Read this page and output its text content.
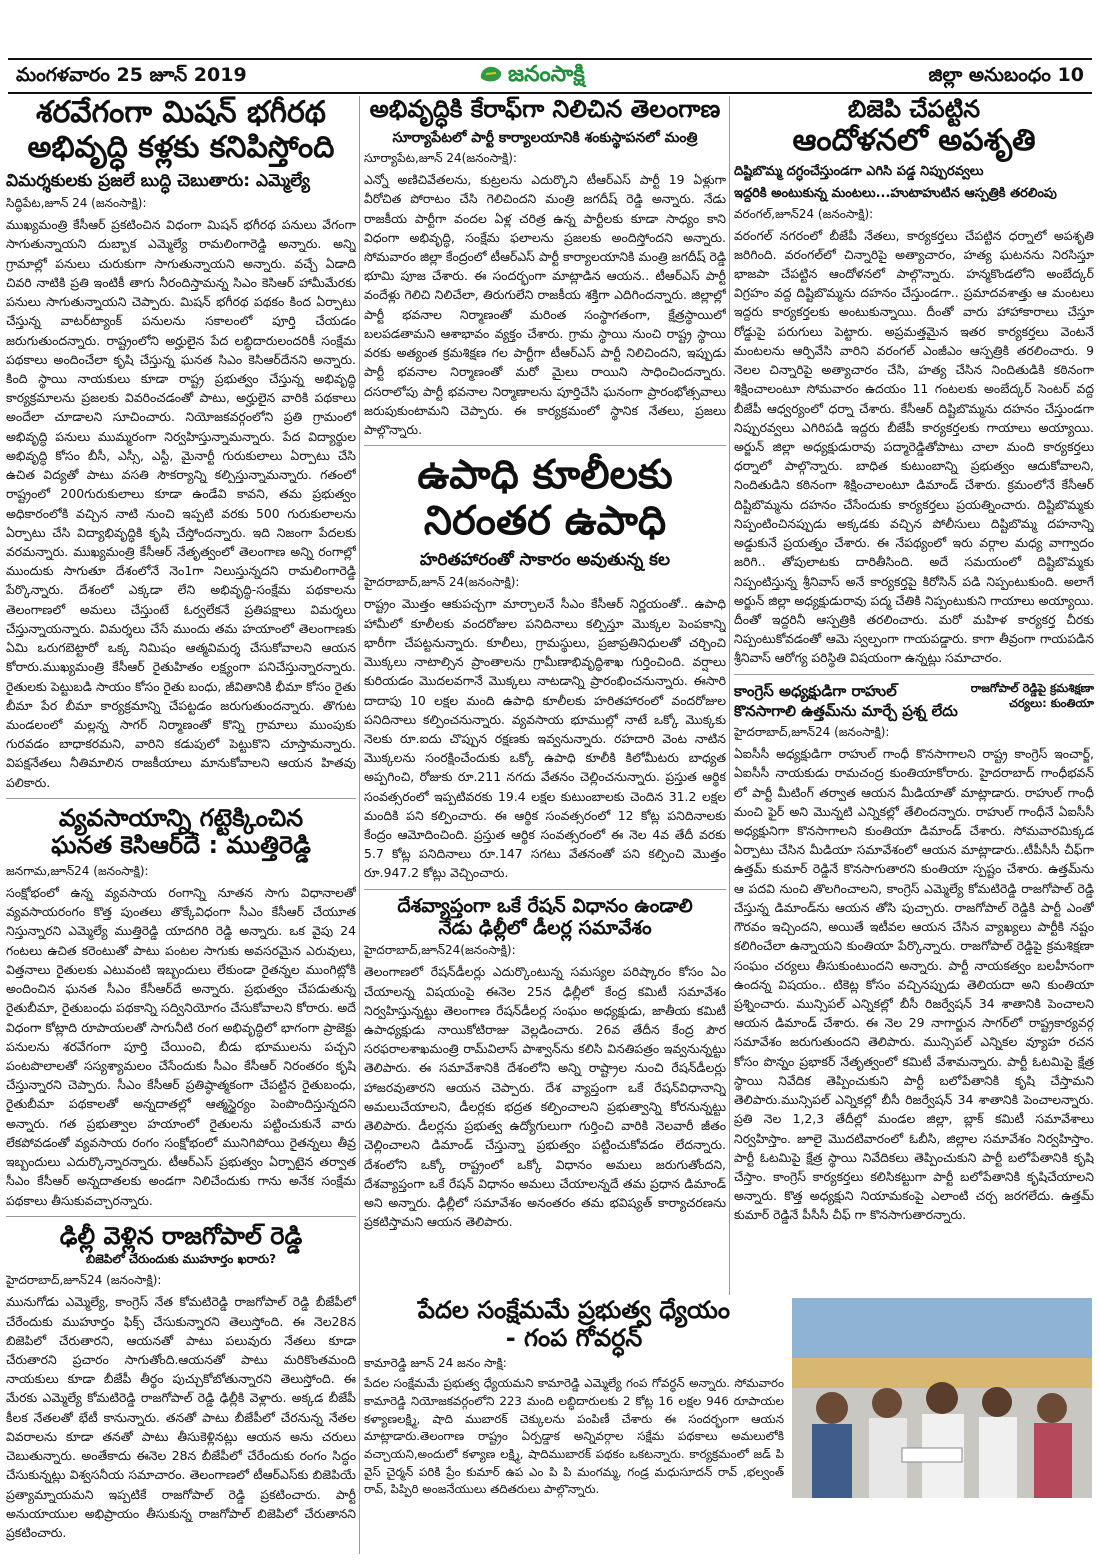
మంగళవారం 25 జూన్ 2019	జనంసాక్షి	జిల్లా అనుబంధం 10

శరవేగంగా మిషన్ భగీరథ

అభివృద్ధి కళ్లకు కనిపిస్తోంది

విమర్శకులకు ప్రజలే బుద్ధి చెబుతారు: ఎమ్మెల్యే

సిద్ధిపేట,జూన్ 24 (జనంసాక్షి):

ముఖ్యమంత్రి కేసీఆర్ ప్రకటించిన విధంగా మిషన్ భగీరథ పనులు వేగంగా సాగుతున్నాయని దుబ్బాక ఎమ్మెల్యే రామలింగారెడ్డి అన్నారు. అన్ని గ్రామాల్లో పనులు చురుకుగా సాగుతున్నాయని అన్నారు. వచ్చే ఏడాది చివరి నాటికి ప్రతి ఇంటికీ తాగు నీరందిస్తామన్న సిఎం కెసిఆర్ హామీమేరకు పనులు సాగుతున్నాయని చెప్పారు. మిషన్ భగీరథ పథకం కింద ఏర్పాటు చేస్తున్న వాటర్‌ట్యాంక్ పనులను సకాలంలో పూర్తి చేయడం జరుగుతుందన్నారు. రాష్ట్రంలోని అర్హులైన పేద లబ్ధిదారులందరికీ సంక్షేమ పథకాలు అందించేలా కృషి చేస్తున్న ఘనత సిఎం కెసిఆర్‌దేనని అన్నారు. కింది స్థాయి నాయకులు కూడా రాష్ట్ర ప్రభుత్వం చేస్తున్న అభివృద్ధి కార్యక్రమాలను ప్రజలకు వివరించడంతో పాటు, అర్హులైన వారికి పథకాలు అందేలా చూడాలని సూచించారు. నియోజకవర్గంలోని ప్రతి గ్రామంలో అభివృద్ధి పనులు ముమ్మరంగా నిర్వహిస్తున్నామన్నారు. పేద విద్యార్థుల అభివృద్ధి కోసం బీసీ, ఎస్సీ, ఎస్టీ, మైనార్టీ గురుకులాలు ఏర్పాటు చేసి ఉచిత విద్యతో పాటు వసతి సౌకర్యాన్ని కల్పిస్తున్నామన్నారు. గతంలో రాష్ట్రంలో 200గురుకులాలు కూడా ఉండేవి కావని, తమ ప్రభుత్వం అధికారంలోకి వచ్చిన నాటి నుంచి ఇప్పటి వరకు 500 గురుకులాలను ఏర్పాటు చేసి విద్యాభివృద్ధికి కృషి చేస్తోందన్నారు. ఇది నిజంగా పేదలకు వరమన్నారు. ముఖ్యమంత్రి కేసీఆర్ నేతృత్వంలో తెలంగాణ అన్ని రంగాల్లో ముందుకు సాగుతూ దేశంలోనే నెం1గా నిలుస్తున్నదని రామలింగారెడ్డి పేర్కొన్నారు. దేశంలో ఎక్కడా లేని అభివృద్ధి-సంక్షేమ పథకాలను తెలంగాణలో అమలు చేస్తుంటే ఓర్వలేకనే ప్రతిపక్షాలు విమర్శలు చేస్తున్నాయన్నారు. విమర్శలు చేసే ముందు తమ హయాంలో తెలంగాణకు ఏమి ఒరుగబెట్టారో ఒక్క నిమిషం ఆత్మవిమర్శ చేసుకోవాలని ఆయన కోరారు.ముఖ్యమంత్రి కేసీఆర్ రైతుహితం లక్ష్యంగా పనిచేస్తున్నారన్నారు. రైతులకు పెట్టుబడి సాయం కోసం రైతు బంధు, జీవితానికి భీమా కోసం రైతు బీమా పేర బీమా కార్యక్రమాన్ని చేపట్టడం జరుగుతుందన్నారు. తొగుట మండలంలో మల్లన్న సాగర్ నిర్మాణంతో కొన్ని గ్రామాలు ముంపుకు గురవడం బాధాకరమని, వారిని కడుపులో పెట్టుకొని చూస్తామన్నారు. విపక్షనేతలు నీతిమాలిన రాజకీయాలు మానుకోవాలని ఆయన హితవు పలికారు.

వ్యవసాయాన్ని గట్టెక్కించిన

ఘనత కెసిఆర్‌దే : ముత్తిరెడ్డి

జనగామ,జూన్24 (జనంసాక్షి):

సంక్షోభంలో ఉన్న వ్యవసాయ రంగాన్ని నూతన సాగు విధానాలతో వ్యవసాయరంగం కొత్త పుంతలు తొక్కేవిధంగా సీఎం కేసీఆర్ చేయూత నిస్తున్నారని ఎమ్మెల్యే ముత్తిరెడ్డి యాదగిరి రెడ్డి అన్నారు. ఒక వైపు 24 గంటలు ఉచిత కరెంటుతో పాటు పంటల సాగుకు అవసరమైన ఎరువులు, విత్తనాలు రైతులకు ఎటువంటి ఇబ్బందులు లేకుండా రైతన్నల ముంగిట్లోకి అందించిన ఘనత సీఎం కేసీఆర్‌దే అన్నారు. ప్రభుత్వం చేపడుతున్న రైతుబీమా, రైతుబంధు పథకాన్ని సద్వినియోగం చేసుకోవాలని కోరారు. అదే విధంగా కోట్లాది రూపాయలతో సాగునీటి రంగ అభివృద్ధిలో భాగంగా ప్రాజెక్టు పనులను శరవేగంగా పూర్తి చేయించి, బీడు భూములను పచ్చని పంటపొలాలతో సస్యశ్యామలం చేసేందుకు సీఎం కేసీఆర్ నిరంతరం కృషి చేస్తున్నారని చెప్పారు. సీఎం కేసీఆర్ ప్రతిష్ఠాత్మకంగా చేపట్టిన రైతుబంధు, రైతుబీమా పథకాలతో అన్నదాతల్లో ఆత్మస్థైర్యం పెంపొందిస్తున్నదని అన్నారు. గత ప్రభుత్వాల హయాంలో రైతులను పట్టించుకునే వారు లేకపోవడంతో వ్యవసాయ రంగం సంక్షోభంలో మునిగిపోయి రైతన్నలు తీవ్ర ఇబ్బందులు ఎదుర్కొన్నారన్నారు. టీఆర్ఎస్ ప్రభుత్వం ఏర్పాటైన తర్వాత సీఎం కేసీఆర్ అన్నదాతలకు అండగా నిలిచేందుకు గాను అనేక సంక్షేమ పథకాలు తీసుకువచ్చారన్నారు.

ఢిల్లీ వెళ్లిన రాజగోపాల్ రెడ్డి

బిజెపిలో చేరుందుకు ముహూర్తం ఖరారు?

హైదరాబాద్,జూన్24 (జనంసాక్షి):

మునుగోడు ఎమ్మెల్యే, కాంగ్రెస్ నేత కోమటిరెడ్డి రాజగోపాల్ రెడ్డి బీజేపీలో చేరేందుకు ముహూర్తం ఫిక్స్ చేసుకున్నారని తెలుస్తోంది. ఈ నెల28న బిజెపిలో చేరుతారని, ఆయనతో పాటు పలువురు నేతలు కూడా చేరుతారని ప్రచారం సాగుతోంది.ఆయనతో పాటు మరికొంతమంది నాయకులు కూడా బీజేపీ తీర్థం పుచ్చుకోబోతున్నారని తెలుస్తోంది. ఈ మేరకు ఎమ్మెల్యే కోమటిరెడ్డి రాజగోపాల్ రెడ్డి ఢిల్లీకి వెళ్లారు. అక్కడ బీజేపీ కీలక నేతలతో భేటీ కానున్నారు. తనతో పాటు బీజేపీలో చేరనున్న నేతల వివరాలను కూడా తనతో పాటు తీసుకెళ్లినట్లు ఆయన అను చరులు చెబుతున్నారు. అంతేకాదు ఈనెల 28న బీజేపీలో చేరేందుకు రంగం సిద్ధం చేసుకున్నట్లు విశ్వసనీయ సమాచారం. తెలంగాణలో టీఆర్ఎస్‌కు బిజెపియే ప్రత్యామ్నాయమని ఇప్పటికే రాజగోపాల్ రెడ్డి ప్రకటించారు. పార్టీ అనుయాయుల అభిప్రాయం తీసుకున్న రాజగోపాల్ బిజెపిలో చేరుతానని ప్రకటించారు.

అభివృద్ధికి కేరాఫ్‌గా నిలిచిన తెలంగాణ

సూర్యాపేటలో పార్టీ కార్యాలయానికి శంకుస్థాపనలో మంత్రి

సూర్యాపేట,జూన్ 24(జనంసాక్షి):

ఎన్నో అణిచివేతలను, కుట్రలను ఎదుర్కొని టీఆర్ఎస్ పార్టీ 19 ఏళ్లుగా వీరోచిత పోరాటం చేసి గెలిచిందని మంత్రి జగదీష్ రెడ్డి అన్నారు. నేడు రాజకీయ పార్టీగా వందల ఏళ్ల చరిత్ర ఉన్న పార్టీలకు కూడా సాధ్యం కాని విధంగా అభివృద్ధి, సంక్షేమ ఫలాలను ప్రజలకు అందిస్తోందని అన్నారు. సోమవారం జిల్లా కేంద్రంలో టీఆర్ఎస్ పార్టీ కార్యాలయానికి మంత్రి జగదీష్ రెడ్డి భూమి పూజ చేశారు. ఈ సందర్భంగా మాట్లాడిన ఆయన.. టీఆర్ఎస్ పార్టీ వందేళ్లు గెలిచి నిలిచేలా, తిరుగులేని రాజకీయ శక్తిగా ఎదిగిందన్నారు. జిల్లాల్లో పార్టీ భవనాల నిర్మాణంతో మరింత సంస్థాగతంగా, క్షేత్రస్థాయిలో బలపడతామని ఆశాభావం వ్యక్తం చేశారు. గ్రామ స్థాయి నుంచి రాష్ట్ర స్థాయి వరకు అత్యంత క్రమశిక్షణ గల పార్టీగా టీఆర్ఎస్ పార్టీ నిలిచిందని, ఇప్పుడు పార్టీ భవనాల నిర్మాణంతో మరో మైలు రాయిని సాధించిందన్నారు. దసరాలోపు పార్టీ భవనాల నిర్మాణాలను పూర్తిచేసి ఘనంగా ప్రారంభోత్సవాలు జరుపుకుంటామని చెప్పారు. ఈ కార్యక్రమంలో స్థానిక నేతలు, ప్రజలు పాల్గొన్నారు.

ఉపాధి కూలీలకు

నిరంతర ఉపాధి

హరితహారంతో సాకారం అవుతున్న కల

హైదరాబాద్,జూన్ 24(జనంసాక్షి):

రాష్ట్రం మొత్తం ఆకుపచ్చగా మార్చాలనే సీఎం కేసీఆర్ నిర్ణయంతో.. ఉపాధి హామీలో కూలీలకు వందరోజుల పనిదినాలు కల్పిస్తూ మొక్కల పెంపకాన్ని భారీగా చేపట్టనున్నారు. కూలీలు, గ్రామస్థులు, ప్రజాప్రతినిధులతో చర్చించి మొక్కలు నాటాల్సిన ప్రాంతాలను గ్రామీణాభివృద్ధిశాఖ గుర్తించింది. వర్షాలు కురియడం మొదలవగానే మొక్కలు నాటడాన్ని ప్రారంభించనున్నారు. ఈసారి దాదాపు 10 లక్షల మంది ఉపాధి కూలీలకు హరితహారంలో వందరోజుల పనిదినాలు కల్పించనున్నారు. వ్యవసాయ భూముల్లో నాటే ఒక్కో మొక్కకు నెలకు రూ.ఐదు చొప్పున రక్షణకు ఇవ్వనున్నారు. రహదారి వెంట నాటిన మొక్కలను సంరక్షించేందుకు ఒక్కో ఉపాధి కూలీకి కిలోమీటరు బాధ్యత అప్పగించి, రోజుకు రూ.211 నగదు వేతనం చెల్లించనున్నారు. ప్రస్తుత ఆర్థిక సంవత్సరంలో ఇప్పటివరకు 19.4 లక్షల కుటుంబాలకు చెందిన 31.2 లక్షల మందికి పని కల్పించారు. ఈ ఆర్థిక సంవత్సరంలో 12 కోట్ల పనిదినాలకు కేంద్రం ఆమోదించింది. ప్రస్తుత ఆర్థిక సంవత్సరంలో ఈ నెల 4వ తేదీ వరకు 5.7 కోట్ల పనిదినాలు రూ.147 సగటు వేతనంతో పని కల్పించి మొత్తం రూ.947.2 కోట్లు వెచ్చించారు.

దేశవ్యాప్తంగా ఒకే రేషన్ విధానం ఉండాలి

నేడు ఢిల్లీలో డీలర్ల సమావేశం

హైదరాబాద్,జూన్24(జనంసాక్షి):

తెలంగాణలో రేషన్‌డీలర్లు ఎదుర్కొంటున్న సమస్యల పరిష్కారం కోసం ఏం చేయాలన్న విషయంపై ఈనెల 25న ఢిల్లీలో కేంద్ర కమిటీ సమావేశం నిర్వహిస్తున్నట్టు తెలంగాణ రేషన్‌డీలర్ల సంఘం అధ్యక్షుడు, జాతీయ కమిటీ ఉపాధ్యక్షుడు నాయికోటిరాజు వెల్లడించారు. 26వ తేదీన కేంద్ర పౌర సరఫరాలశాఖమంత్రి రామ్‌విలాస్ పాశ్వాన్‌ను కలిసి వినతిపత్రం ఇవ్వనున్నట్టు తెలిపారు. ఈ సమావేశానికి దేశంలోని అన్ని రాష్ట్రాల నుంచి రేషన్‌డీలర్లు హాజరవుతారని ఆయన చెప్పారు. దేశ వ్యాప్తంగా ఒకే రేషన్‌విధానాన్ని అమలుచేయాలని, డీలర్లకు భద్రత కల్పించాలని ప్రభుత్వాన్ని కోరనున్నట్టు తెలిపారు. డీలర్లను ప్రభుత్వ ఉద్యోగులుగా గుర్తించి వారికి నెలవారీ జీతం చెల్లించాలని డిమాండ్ చేస్తున్నా ప్రభుత్వం పట్టించుకోవడం లేదన్నారు. దేశంలోని ఒక్కో రాష్ట్రంలో ఒక్కో విధానం అమలు జరుగుతోందని, దేశవ్యాప్తంగా ఒకే రేషన్ విధానం అమలు చేయాలన్నదే తమ ప్రధాన డిమాండ్ అని అన్నారు. ఢిల్లీలో సమావేశం అనంతరం తమ భవిష్యత్ కార్యాచరణను ప్రకటిస్తామని ఆయన తెలిపారు.

బిజెపి చేపట్టిన

ఆందోళనలో అపశృతి

దిష్టిబొమ్మ దగ్ధంచేస్తుండగా ఎగిసి పడ్డ నిప్పురవ్వలు

ఇద్దరికి అంటుకున్న మంటలు...హుటాహుటిన ఆస్పత్రికి తరలింపు

వరంగల్,జూన్24 (జనంసాక్షి):

వరంగల్ నగరంలో బీజేపీ నేతలు, కార్యకర్తలు చేపట్టిన ధర్నాలో అపశృతి జరిగింది. వరంగల్‌లో చిన్నారిపై అత్యాచారం, హత్య ఘటనను నిరసిస్తూ భాజపా చేపట్టిన ఆందోళనలో పాల్గొన్నారు. హన్మకొండలోని అంబేద్కర్ విగ్రహం వద్ద దిష్టిబొమ్మను దహనం చేస్తుండగా.. ప్రమాదవశాత్తు ఆ మంటలు ఇద్దరు కార్యకర్తలకు అంటుకున్నాయి. దీంతో వారు హాహాకారాలు చేస్తూ రోడ్డుపై పరుగులు పెట్టారు. అప్రమత్తమైన ఇతర కార్యకర్తలు వెంటనే మంటలను ఆర్పివేసి వారిని వరంగల్ ఎంజీఎం ఆస్పత్రికి తరలించారు. 9 నెలల చిన్నారిపై అత్యాచారం చేసి, హత్య చేసిన నిందితుడికి కఠినంగా శిక్షించాలంటూ సోమవారం ఉదయం 11 గంటలకు అంబేద్కర్ సెంటర్ వద్ద బీజేపీ ఆధ్వర్యంలో ధర్నా చేశారు. కేసీఆర్ దిష్టిబొమ్మను దహనం చేస్తుండగా నిప్పురవ్వలు ఎగిరిపడి ఇద్దరు బీజేపీ కార్యకర్తలకు గాయాలు అయ్యాయి. అర్జున్ జిల్లా అధ్యక్షుడురావు పద్మారెడ్డితోపాటు చాలా మంది కార్యకర్తలు ధర్నాలో పాల్గొన్నారు. బాధిత కుటుంబాన్ని ప్రభుత్వం ఆదుకోవాలని, నిందితుడిని కఠినంగా శిక్షించాలంటూ డిమాండ్ చేశారు. క్రమంలోనే కేసీఆర్ దిష్టిబొమ్మను దహనం చేసేందుకు కార్యకర్తలు ప్రయత్నించారు. దిష్టిబొమ్మకు నిప్పంటించినప్పుడు అక్కడకు వచ్చిన పోలీసులు దిష్టిబొమ్మ దహనాన్ని అడ్డుకునే ప్రయత్నం చేశారు. ఈ నేపథ్యంలో ఇరు వర్గాల మధ్య వాగ్వాదం జరిగి.. తోపులాటకు దారితీసింది. అదే సమయంలో దిష్టిబొమ్మకు నిప్పంటిస్తున్న శ్రీనివాస్ అనే కార్యకర్తపై కిరోసిన్ పడి నిప్పంటుకుంది. అలాగే అర్జున్ జిల్లా అధ్యక్షుడురావు పద్మ చేతికి నిప్పంటుకుని గాయాలు అయ్యాయి. దీంతో ఇద్దరినీ ఆస్పత్రికి తరలించారు. మరో మహిళ కార్యకర్త చీరకు నిప్పంటుకోవడంతో ఆమె స్వల్పంగా గాయపడ్డారు. కాగా తీవ్రంగా గాయపడిన శ్రీనివాస్ ఆరోగ్య పరిస్థితి విషయంగా ఉన్నట్లు సమాచారం.

కాంగ్రెస్ అధ్యక్షుడిగా రాహుల్ కొనసాగాలి ఉత్తమ్‌ను మార్చే ప్రశ్న లేదు
రాజగోపాల్ రెడ్డిపై క్రమశిక్షణా చర్యలు: కుంతియా

హైదరాబాద్,జూన్24 (జనంసాక్షి):

ఏఐసీసీ అధ్యక్షుడిగా రాహుల్ గాంధీ కొనసాగాలని రాష్ట్ర కాంగ్రెస్ ఇంచార్జ్, ఏఐసీసీ నాయకుడు రామచంద్ర కుంతియాకోరారు. హైదరాబాద్ గాంధీభవన్ లో పార్టీ మీటింగ్ తర్వాత ఆయన మీడియాతో మాట్లాడారు. రాహుల్ గాంధీ మంచి ఫైర్ అని మొన్నటి ఎన్నికల్లో తేలిందన్నారు. రాహుల్ గాంధీనే ఏఐసీసీ అధ్యక్షునిగా కొనసాగాలని కుంతియా డిమాండ్ చేశారు. సోమవారమిక్కడ ఏర్పాటు చేసిన మీడియా సమావేశంలో ఆయన మాట్లాడారు..టీపీసీసీ చీఫ్‌గా ఉత్తమ్ కుమార్ రెడ్డినే కొనసాగుతారని కుంతియా స్పష్టం చేశారు. ఉత్తమ్‌ను ఆ పదవి నుంచి తొలగించాలని, కాంగ్రెస్ ఎమ్మెల్యే కోమటిరెడ్డి రాజగోపాల్ రెడ్డి చేస్తున్న డిమాండ్‌ను ఆయన తోసి పుచ్చారు. రాజగోపాల్ రెడ్డికి పార్టీ ఎంతో గౌరవం ఇచ్చిందని, అయితే ఇటీవల ఆయన చేసిన వ్యాఖ్యలు పార్టీకి నష్టం కలిగించేలా ఉన్నాయని కుంతియా పేర్కొన్నారు. రాజగోపాల్ రెడ్డిపై క్రమశిక్షణా సంఘం చర్యలు తీసుకుంటుందని అన్నారు. పార్టీ నాయకత్వం బలహీనంగా ఉందన్న విషయం.. టికెట్ల కోసం వచ్చినప్పుడు తెలియదా అని కుంతియా ప్రశ్నించారు. మున్సిపల్ ఎన్నికల్లో బీసీ రిజర్వేషన్ 34 శాతానికి పెంచాలని ఆయన డిమాండ్ చేశారు. ఈ నెల 29 నాగార్జున సాగర్‌లో రాష్ట్రకార్యవర్గ సమావేశం జరుగుతుందని తెలిపారు. మున్సిపల్ ఎన్నికల వ్యూహ రచన కోసం పొన్నం ప్రభాకర్ నేతృత్వంలో కమిటీ వేశామన్నారు. పార్టీ ఓటమిపై క్షేత్ర స్థాయి నివేదిక తెప్పించుకుని పార్టీ బలోపేతానికి కృషి చేస్తామని తెలిపారు.మున్సిపల్ ఎన్నికల్లో బీసీ రిజర్వేషన్ 34 శాతానికి పెంచాలన్నారు. ప్రతి నెల 1,2,3 తేదీల్లో మండల జిల్లా, బ్లాక్ కమిటీ సమావేశాలు నిర్వహిస్తాం. జూలై మొదటివారంలో ఓబీసి, జిల్లాల సమావేశం నిర్వహిస్తాం. పార్టీ ఓటమిపై క్షేత్ర స్థాయి నివేదికలు తెప్పించుకుని పార్టీ బలోపేతానికి కృషి చేస్తాం. కాంగ్రెస్ కార్యకర్తలు కలిసికట్టుగా పార్టీ బలోపేతానికి కృషిచేయాలని అన్నారు. కొత్త అధ్యక్షుని నియామకంపై ఎలాంటి చర్చ జరగలేదు. ఉత్తమ్ కుమార్ రెడ్డినే పీసీసీ చీఫ్ గా కొనసాగుతారన్నారు.

పేదల సంక్షేమమే ప్రభుత్వ ధ్యేయం

- గంప గోవర్ధన్

కామారెడ్డి జూన్ 24 జనం సాక్షి:

పేదల సంక్షేమమే ప్రభుత్వ ధ్యేయమని కామారెడ్డి ఎమ్మెల్యే గంప గోవర్ధన్ అన్నారు. సోమవారం కామారెడ్డి నియోజకవర్గంలోని 223 మంది లబ్ధిదారులకు 2 కోట్ల 16 లక్షల 946 రూపాయల కళ్యాణలక్ష్మి, షాది ముబారక్ చెక్కులను పంపిణీ చేశారు ఈ సందర్భంగా ఆయన మాట్లాడారు.తెలంగాణ రాష్ట్రం ఏర్పడ్డాక అన్నివర్గాల సక్షేమ పథకాలు అమలులోకి వచ్చాయని,అందులో కళ్యాణ లక్ష్మి, షాదిముబారక్ పథకం ఒకటన్నారు. కార్యక్రమంలో జడ్ పి వైస్ చైర్మన్ పరికి ప్రేం కుమార్ ఉప ఎం పి పి మంగమ్మ, గండ్ర మధుసూదన్ రావ్ ,భల్వంత్ రావ్, పిప్పిరి అంజనేయులు తదితరులు పాల్గొన్నారు.
